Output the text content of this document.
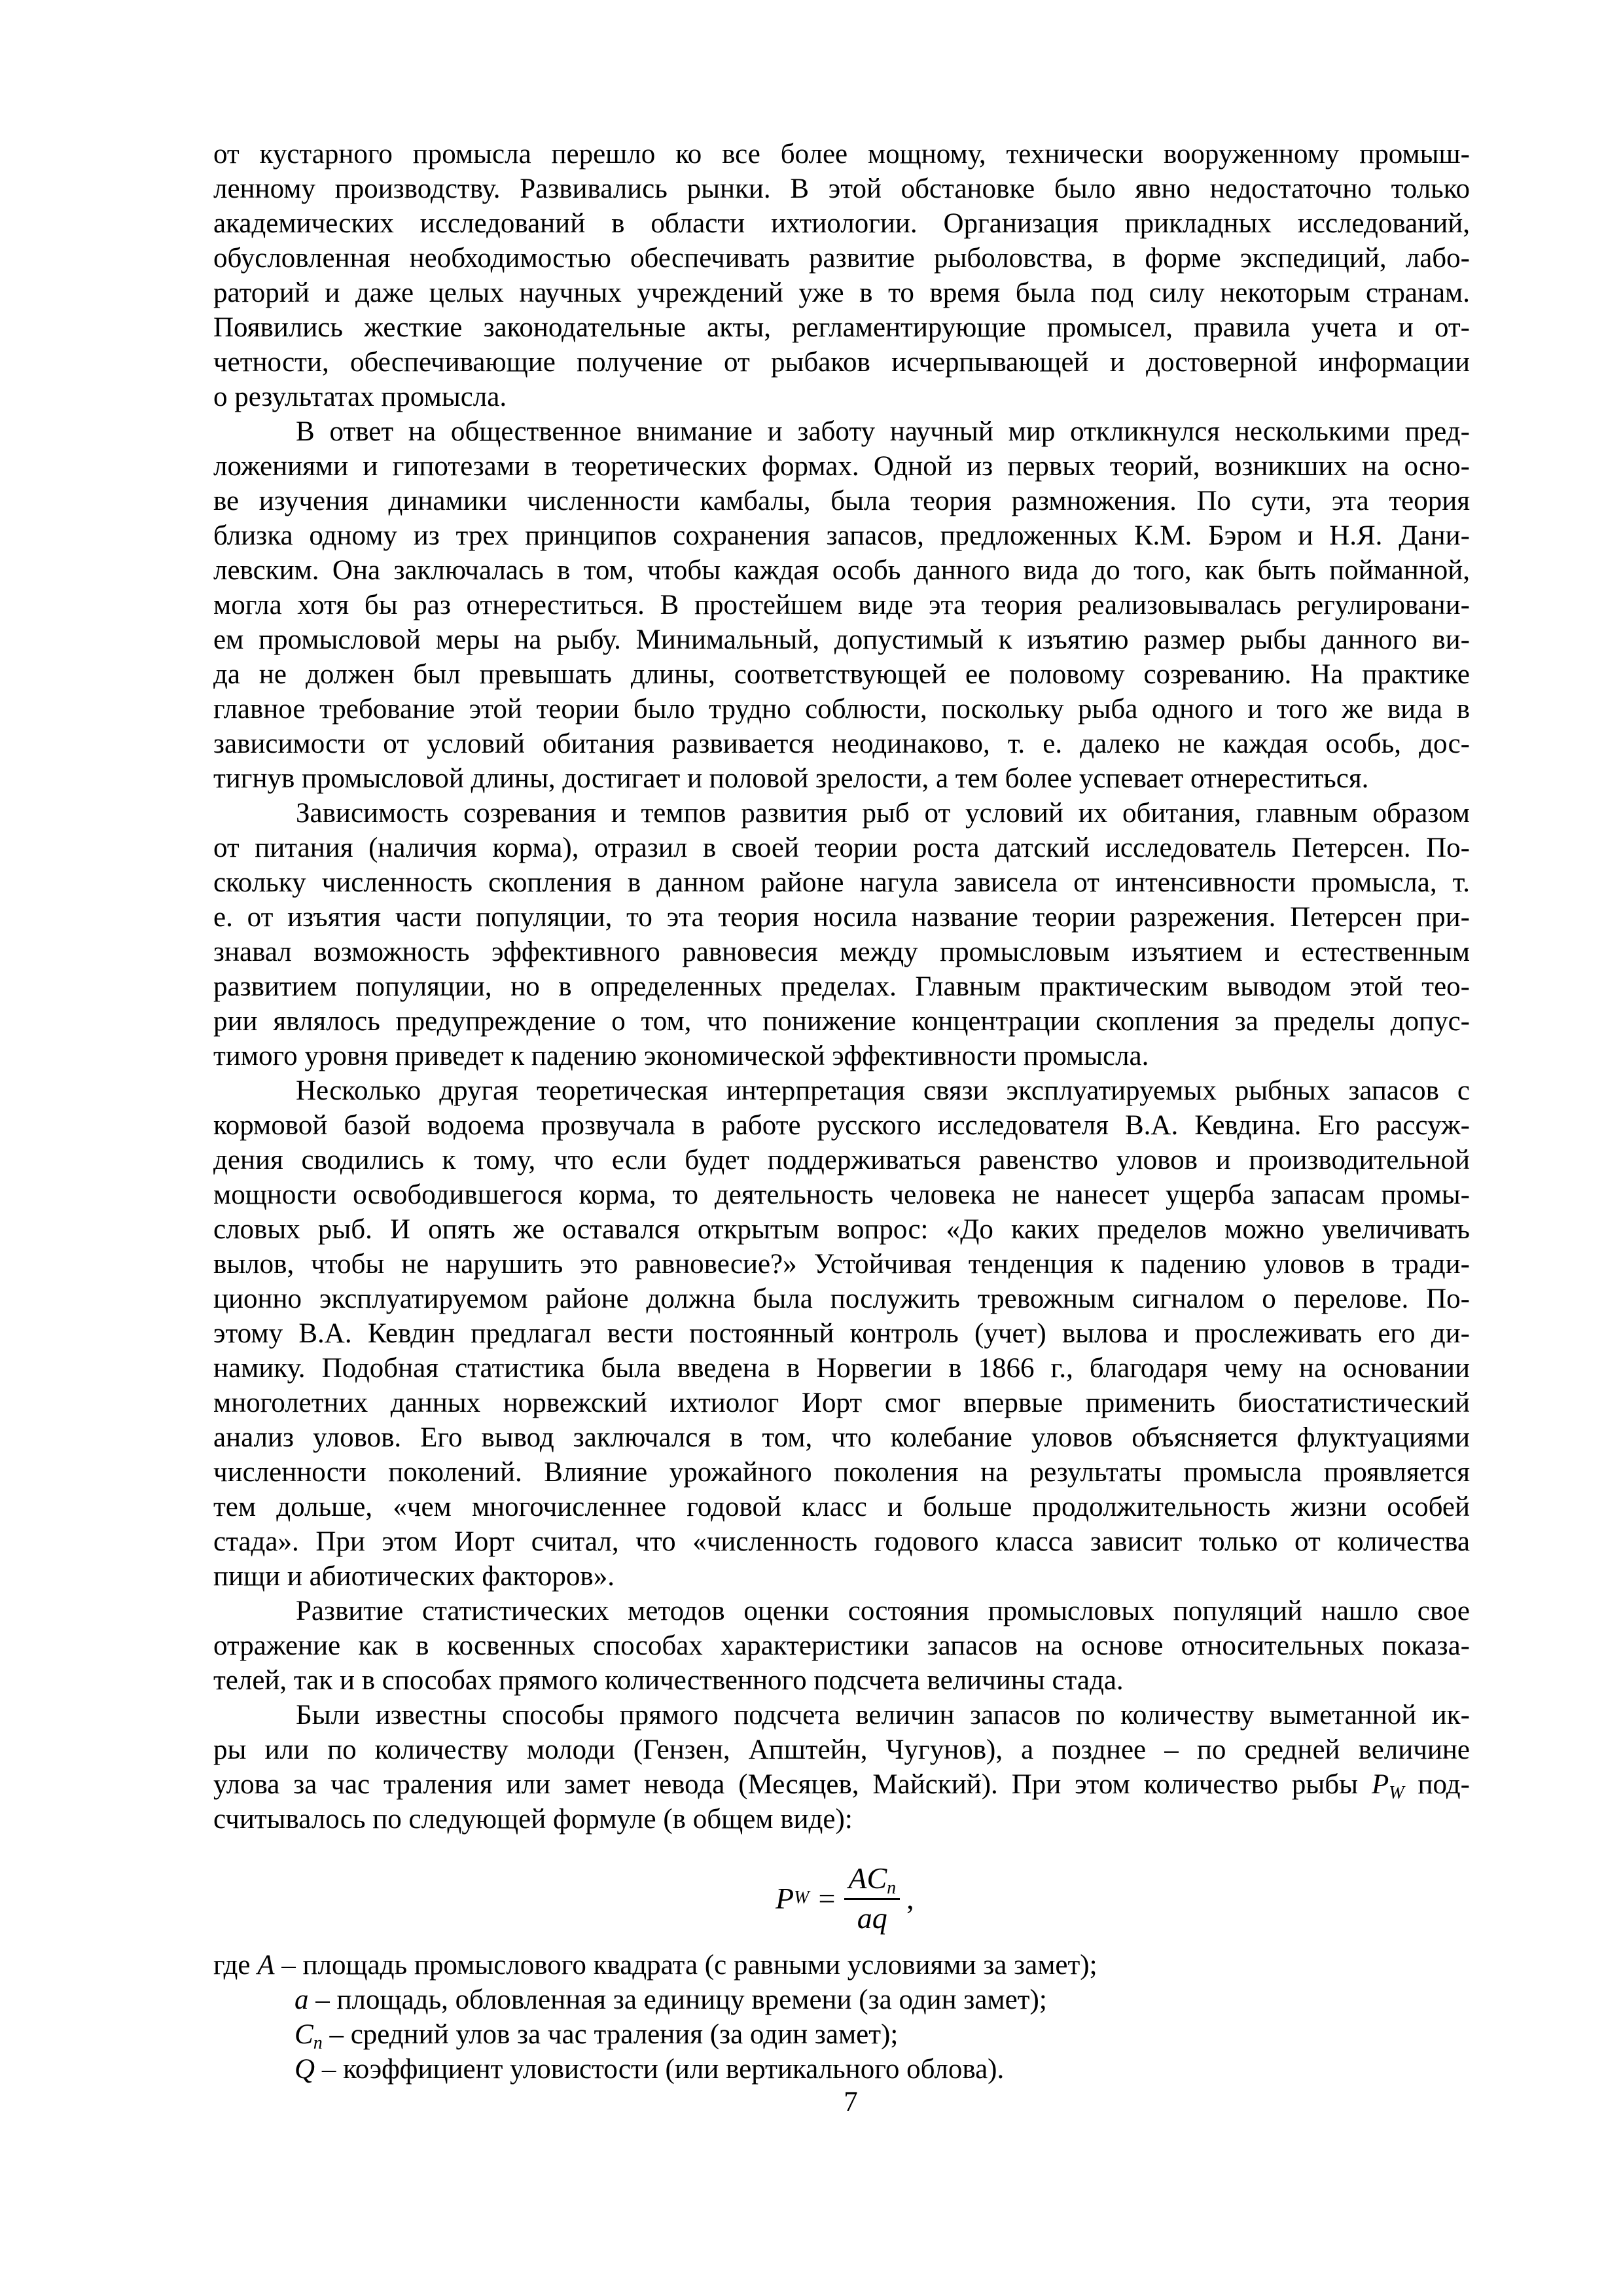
от кустарного промысла перешло ко все более мощному, технически вооруженному промыш-
ленному производству. Развивались рынки. В этой обстановке было явно недостаточно только
академических исследований в области ихтиологии. Организация прикладных исследований,
обусловленная необходимостью обеспечивать развитие рыболовства, в форме экспедиций, лабо-
раторий и даже целых научных учреждений уже в то время была под силу некоторым странам.
Появились жесткие законодательные акты, регламентирующие промысел, правила учета и от-
четности, обеспечивающие получение от рыбаков исчерпывающей и достоверной информации
о результатах промысла.
В ответ на общественное внимание и заботу научный мир откликнулся несколькими пред-
ложениями и гипотезами в теоретических формах. Одной из первых теорий, возникших на осно-
ве изучения динамики численности камбалы, была теория размножения. По сути, эта теория
близка одному из трех принципов сохранения запасов, предложенных К.М. Бэром и Н.Я. Дани-
левским. Она заключалась в том, чтобы каждая особь данного вида до того, как быть пойманной,
могла хотя бы раз отнереститься. В простейшем виде эта теория реализовывалась регулировани-
ем промысловой меры на рыбу. Минимальный, допустимый к изъятию размер рыбы данного ви-
да не должен был превышать длины, соответствующей ее половому созреванию. На практике
главное требование этой теории было трудно соблюсти, поскольку рыба одного и того же вида в
зависимости от условий обитания развивается неодинаково, т. е. далеко не каждая особь, дос-
тигнув промысловой длины, достигает и половой зрелости, а тем более успевает отнереститься.
Зависимость созревания и темпов развития рыб от условий их обитания, главным образом
от питания (наличия корма), отразил в своей теории роста датский исследователь Петерсен. По-
скольку численность скопления в данном районе нагула зависела от интенсивности промысла, т.
е. от изъятия части популяции, то эта теория носила название теории разрежения. Петерсен при-
знавал возможность эффективного равновесия между промысловым изъятием и естественным
развитием популяции, но в определенных пределах. Главным практическим выводом этой тео-
рии являлось предупреждение о том, что понижение концентрации скопления за пределы допус-
тимого уровня приведет к падению экономической эффективности промысла.
Несколько другая теоретическая интерпретация связи эксплуатируемых рыбных запасов с
кормовой базой водоема прозвучала в работе русского исследователя В.А. Кевдина. Его рассуж-
дения сводились к тому, что если будет поддерживаться равенство уловов и производительной
мощности освободившегося корма, то деятельность человека не нанесет ущерба запасам промы-
словых рыб. И опять же оставался открытым вопрос: «До каких пределов можно увеличивать
вылов, чтобы не нарушить это равновесие?» Устойчивая тенденция к падению уловов в тради-
ционно эксплуатируемом районе должна была послужить тревожным сигналом о перелове. По-
этому В.А. Кевдин предлагал вести постоянный контроль (учет) вылова и прослеживать его ди-
намику. Подобная статистика была введена в Норвегии в 1866 г., благодаря чему на основании
многолетних данных норвежский ихтиолог Иорт смог впервые применить биостатистический
анализ уловов. Его вывод заключался в том, что колебание уловов объясняется флуктуациями
численности поколений. Влияние урожайного поколения на результаты промысла проявляется
тем дольше, «чем многочисленнее годовой класс и больше продолжительность жизни особей
стада». При этом Иорт считал, что «численность годового класса зависит только от количества
пищи и абиотических факторов».
Развитие статистических методов оценки состояния промысловых популяций нашло свое
отражение как в косвенных способах характеристики запасов на основе относительных показа-
телей, так и в способах прямого количественного подсчета величины стада.
Были известны способы прямого подсчета величин запасов по количеству выметанной ик-
ры или по количеству молоди (Гензен, Апштейн, Чугунов), а позднее – по средней величине
улова за час траления или замет невода (Месяцев, Майский). При этом количество рыбы $P_W$ под-
считывалось по следующей формуле (в общем виде):
P $W = \frac{AC_n}{aq}$ ,
где A – площадь промыслового квадрата (с равными условиями за замет);
a – площадь, обловленная за единицу времени (за один замет);
$C_n$ – средний улов за час траления (за один замет);
Q – коэффициент уловистости (или вертикального облова).
7
